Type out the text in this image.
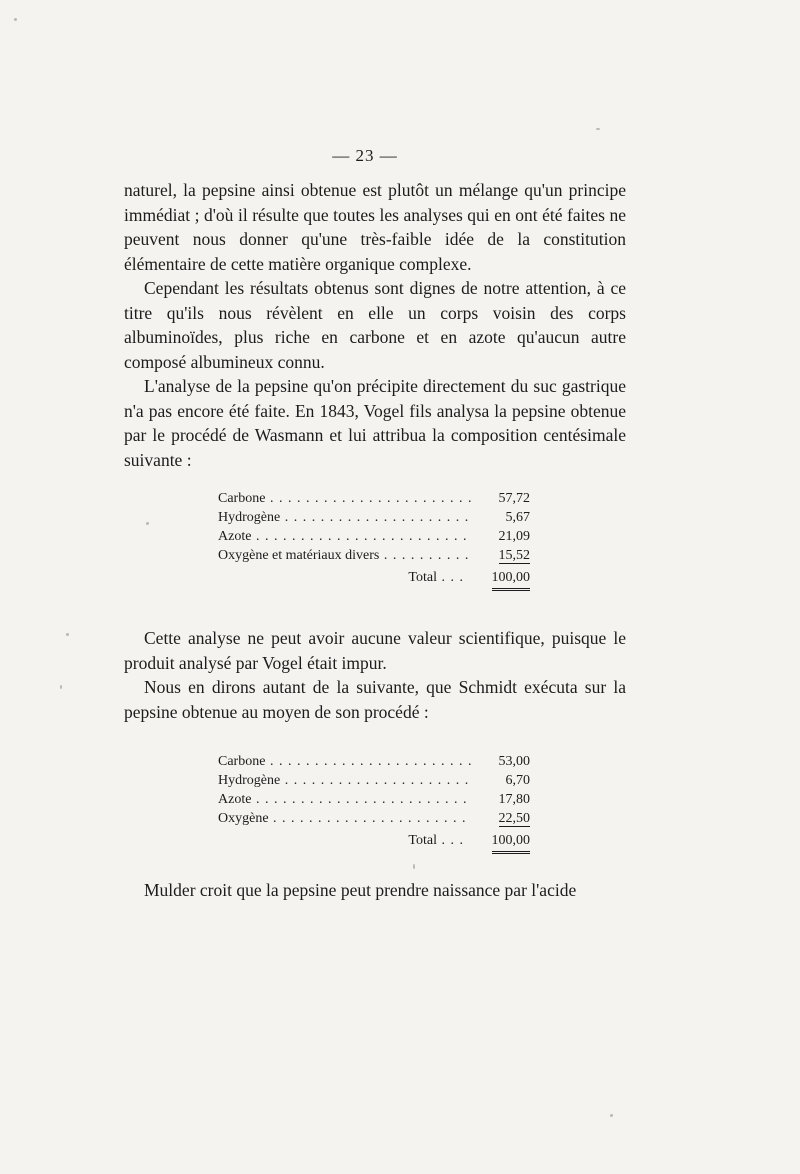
— 23 —

naturel, la pepsine ainsi obtenue est plutôt un mélange qu'un principe immédiat ; d'où il résulte que toutes les analyses qui en ont été faites ne peuvent nous donner qu'une très-faible idée de la constitution élémentaire de cette matière organique complexe.

Cependant les résultats obtenus sont dignes de notre attention, à ce titre qu'ils nous révèlent en elle un corps voisin des corps albuminoïdes, plus riche en carbone et en azote qu'aucun autre composé albumineux connu.

L'analyse de la pepsine qu'on précipite directement du suc gastrique n'a pas encore été faite. En 1843, Vogel fils analysa la pepsine obtenue par le procédé de Wasmann et lui attribua la composition centésimale suivante :

Carbone . . .	57,72
Hydrogène . . .	5,67
Azote . . .	21,09
Oxygène et matériaux divers . . .	15,52
Total . . .	100,00

Cette analyse ne peut avoir aucune valeur scientifique, puisque le produit analysé par Vogel était impur.

Nous en dirons autant de la suivante, que Schmidt exécuta sur la pepsine obtenue au moyen de son procédé :

Carbone . . .	53,00
Hydrogène . . .	6,70
Azote . . .	17,80
Oxygène . . .	22,50
Total . . .	100,00

Mulder croit que la pepsine peut prendre naissance par l'acide
